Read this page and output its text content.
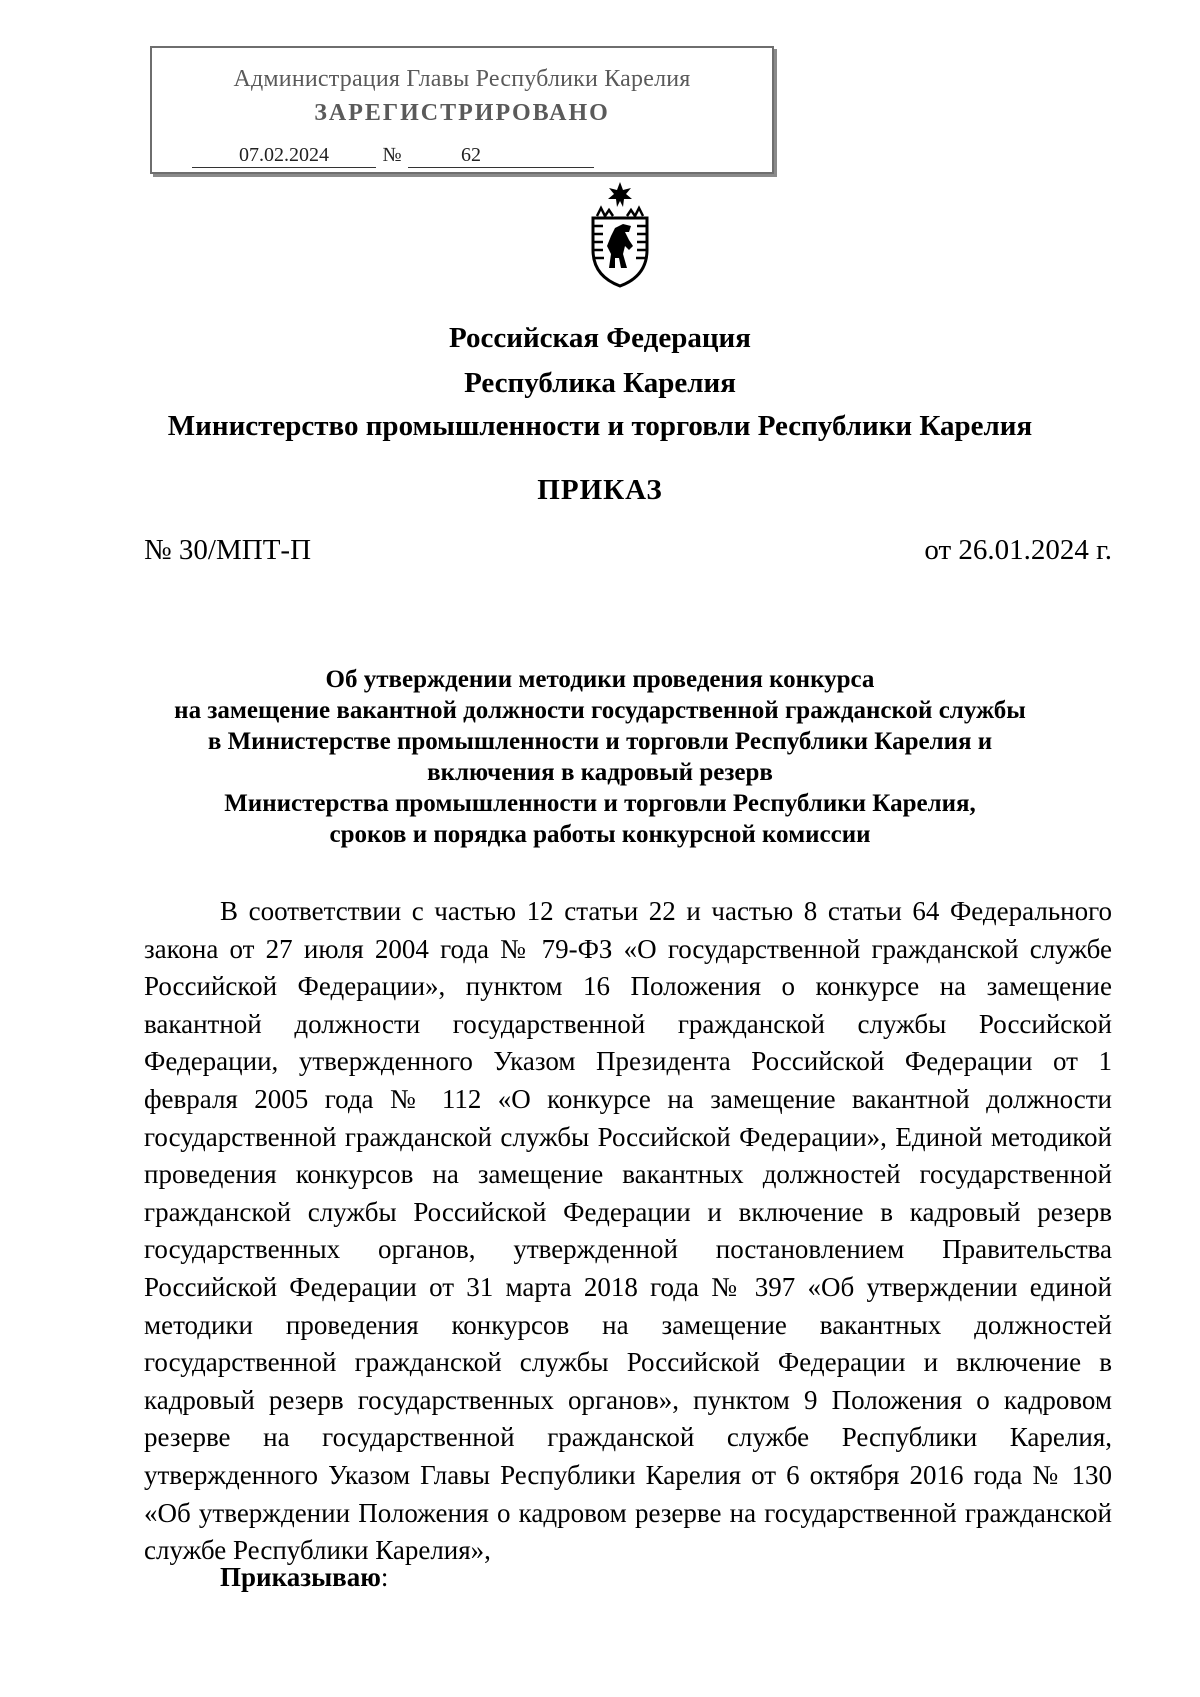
Администрация Главы Республики Карелия
ЗАРЕГИСТРИРОВАНО
07.02.2024	№	62
Российская Федерация
Республика Карелия
Министерство промышленности и торговли Республики Карелия
ПРИКАЗ
№ 30/МПТ-П	от 26.01.2024 г.
Об утверждении методики проведения конкурса
на замещение вакантной должности государственной гражданской службы
в Министерстве промышленности и торговли Республики Карелия и
включения в кадровый резерв
Министерства промышленности и торговли Республики Карелия,
сроков и порядка работы конкурсной комиссии

В соответствии с частью 12 статьи 22 и частью 8 статьи 64 Федерального закона от 27 июля 2004 года № 79-ФЗ «О государственной гражданской службе Российской Федерации», пунктом 16 Положения о конкурсе на замещение вакантной должности государственной гражданской службы Российской Федерации, утвержденного Указом Президента Российской Федерации от 1 февраля 2005 года № 112 «О конкурсе на замещение вакантной должности государственной гражданской службы Российской Федерации», Единой методикой проведения конкурсов на замещение вакантных должностей государственной гражданской службы Российской Федерации и включение в кадровый резерв государственных органов, утвержденной постановлением Правительства Российской Федерации от 31 марта 2018 года № 397 «Об утверждении единой методики проведения конкурсов на замещение вакантных должностей государственной гражданской службы Российской Федерации и включение в кадровый резерв государственных органов», пунктом 9 Положения о кадровом резерве на государственной гражданской службе Республики Карелия, утвержденного Указом Главы Республики Карелия от 6 октября 2016 года № 130 «Об утверждении Положения о кадровом резерве на государственной гражданской службе Республики Карелия»,

Приказываю:
